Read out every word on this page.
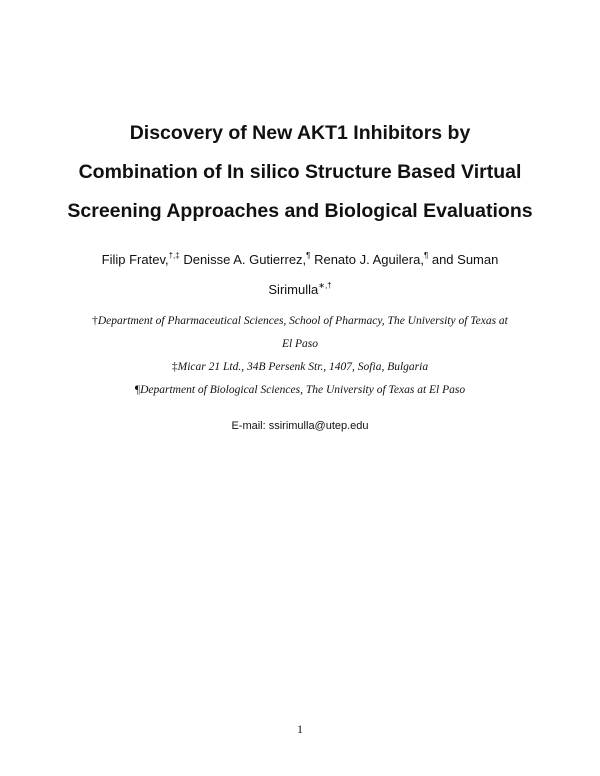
Discovery of New AKT1 Inhibitors by
Combination of In silico Structure Based Virtual
Screening Approaches and Biological Evaluations
Filip Fratev,†,‡ Denisse A. Gutierrez,¶ Renato J. Aguilera,¶ and Suman
Sirimulla∗,†
†Department of Pharmaceutical Sciences, School of Pharmacy, The University of Texas at
El Paso
‡Micar 21 Ltd., 34B Persenk Str., 1407, Sofia, Bulgaria
¶Department of Biological Sciences, The University of Texas at El Paso
E-mail: ssirimulla@utep.edu
1
